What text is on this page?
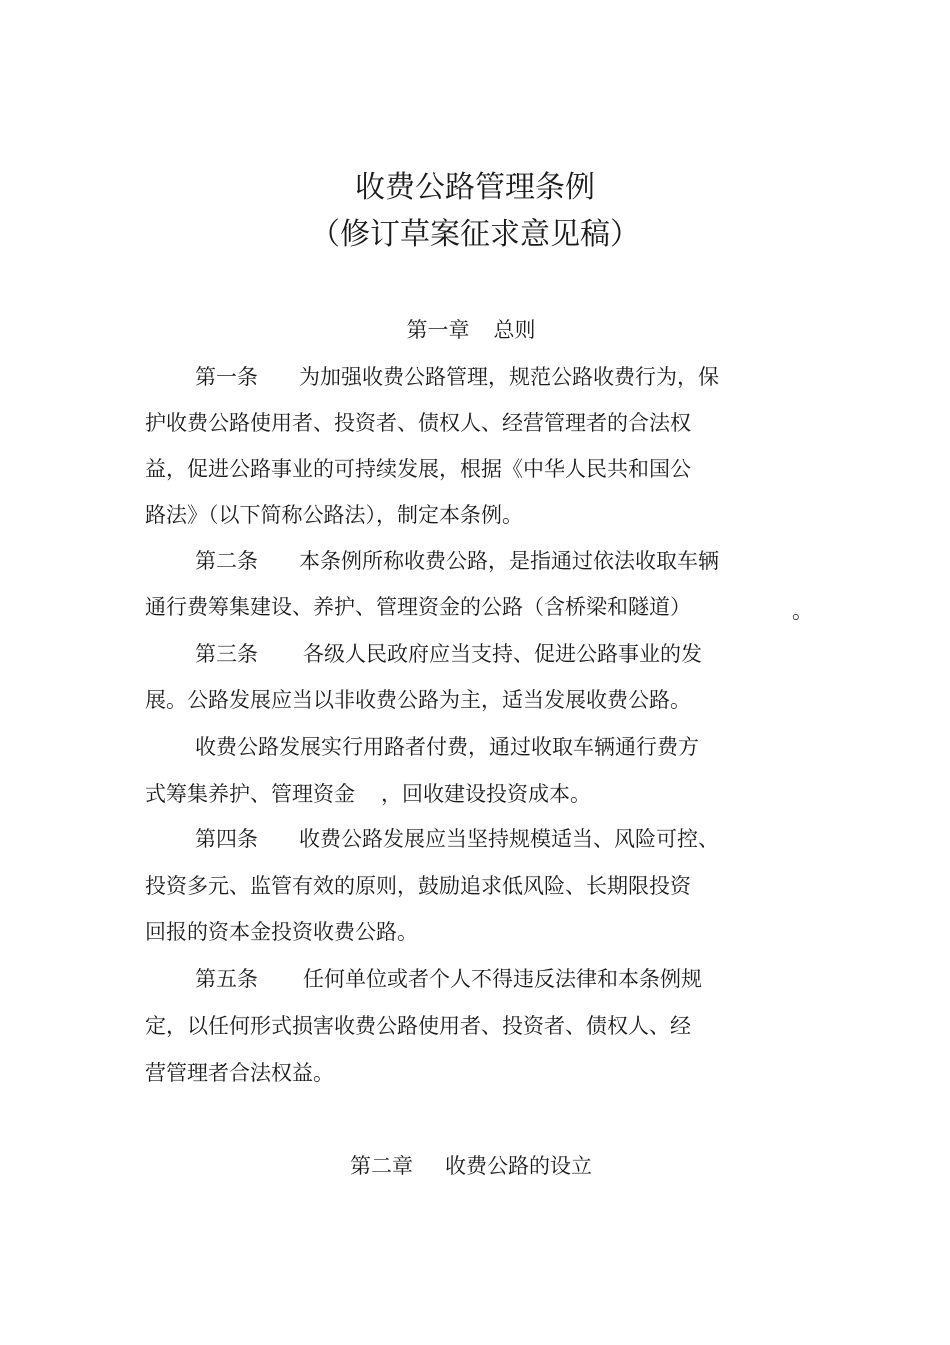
收费公路管理条例
（修订草案征求意见稿）
第一章 总则
第一条 为加强收费公路管理，规范公路收费行为，保
护收费公路使用者、投资者、债权人、经营管理者的合法权
益，促进公路事业的可持续发展，根据《中华人民共和国公
路法》（以下简称公路法），制定本条例。
第二条 本条例所称收费公路，是指通过依法收取车辆
通行费筹集建设、养护、管理资金的公路（含桥梁和隧道）	。
第三条 各级人民政府应当支持、促进公路事业的发
展。公路发展应当以非收费公路为主，适当发展收费公路。
收费公路发展实行用路者付费，通过收取车辆通行费方
式筹集养护、管理资金 ，回收建设投资成本。
第四条 收费公路发展应当坚持规模适当、风险可控、
投资多元、监管有效的原则，鼓励追求低风险、长期限投资
回报的资本金投资收费公路。
第五条 任何单位或者个人不得违反法律和本条例规
定，以任何形式损害收费公路使用者、投资者、债权人、经
营管理者合法权益。
第二章 收费公路的设立
